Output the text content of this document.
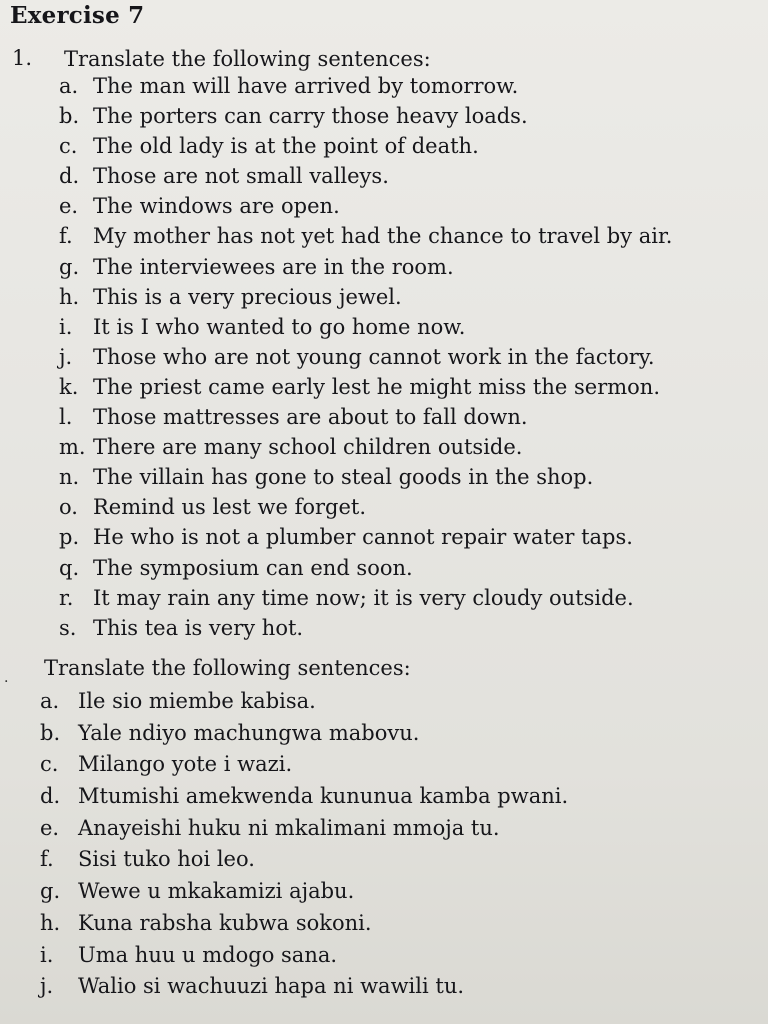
Exercise 7
1. Translate the following sentences:
a. The man will have arrived by tomorrow.
b. The porters can carry those heavy loads.
c. The old lady is at the point of death.
d. Those are not small valleys.
e. The windows are open.
f. My mother has not yet had the chance to travel by air.
g. The interviewees are in the room.
h. This is a very precious jewel.
i. It is I who wanted to go home now.
j. Those who are not young cannot work in the factory.
k. The priest came early lest he might miss the sermon.
l. Those mattresses are about to fall down.
m. There are many school children outside.
n. The villain has gone to steal goods in the shop.
o. Remind us lest we forget.
p. He who is not a plumber cannot repair water taps.
q. The symposium can end soon.
r. It may rain any time now; it is very cloudy outside.
s. This tea is very hot.
. Translate the following sentences:
a. Ile sio miembe kabisa.
b. Yale ndiyo machungwa mabovu.
c. Milango yote i wazi.
d. Mtumishi amekwenda kununua kamba pwani.
e. Anayeishi huku ni mkalimani mmoja tu.
f. Sisi tuko hoi leo.
g. Wewe u mkakamizi ajabu.
h. Kuna rabsha kubwa sokoni.
i. Uma huu u mdogo sana.
j. Walio si wachuuzi hapa ni wawili tu.
